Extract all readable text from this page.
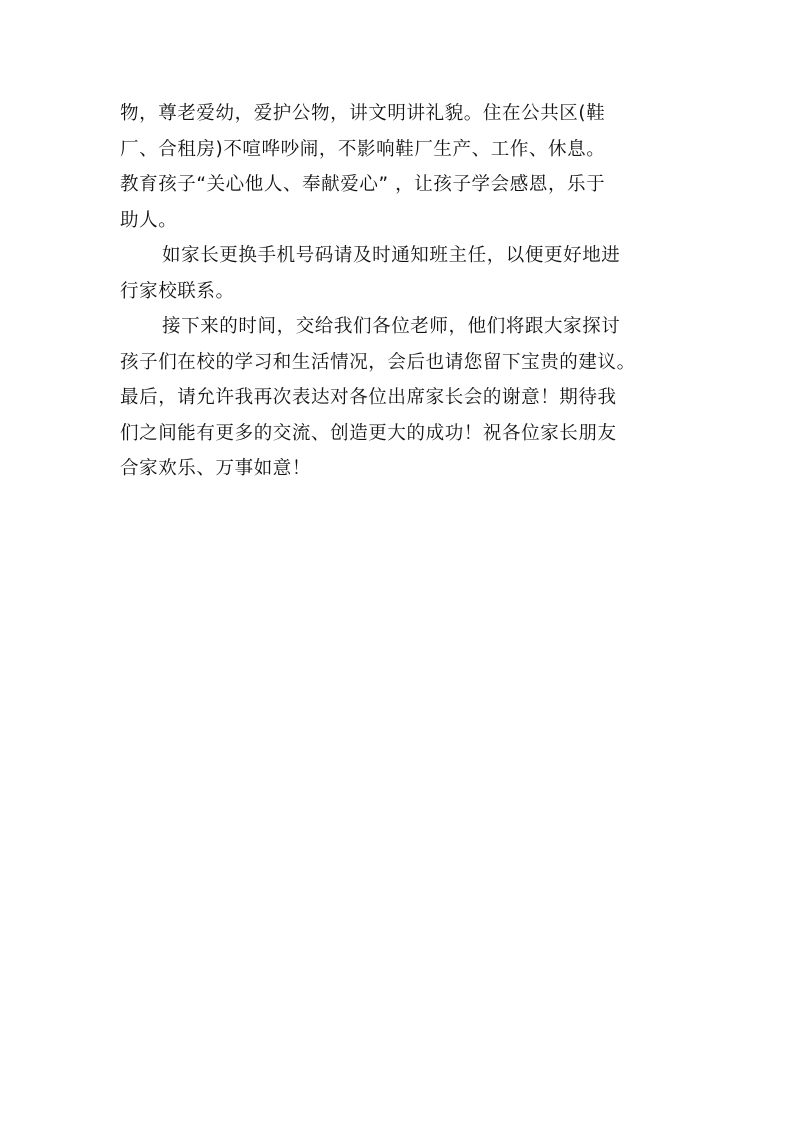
物，尊老爱幼，爱护公物，讲文明讲礼貌。住在公共区(鞋
厂、合租房)不喧哗吵闹，不影响鞋厂生产、工作、休息。
教育孩子“关心他人、奉献爱心” ，让孩子学会感恩，乐于
助人。
如家长更换手机号码请及时通知班主任，以便更好地进
行家校联系。
接下来的时间，交给我们各位老师，他们将跟大家探讨
孩子们在校的学习和生活情况，会后也请您留下宝贵的建议。
最后，请允许我再次表达对各位出席家长会的谢意！期待我
们之间能有更多的交流、创造更大的成功！祝各位家长朋友
合家欢乐、万事如意！
